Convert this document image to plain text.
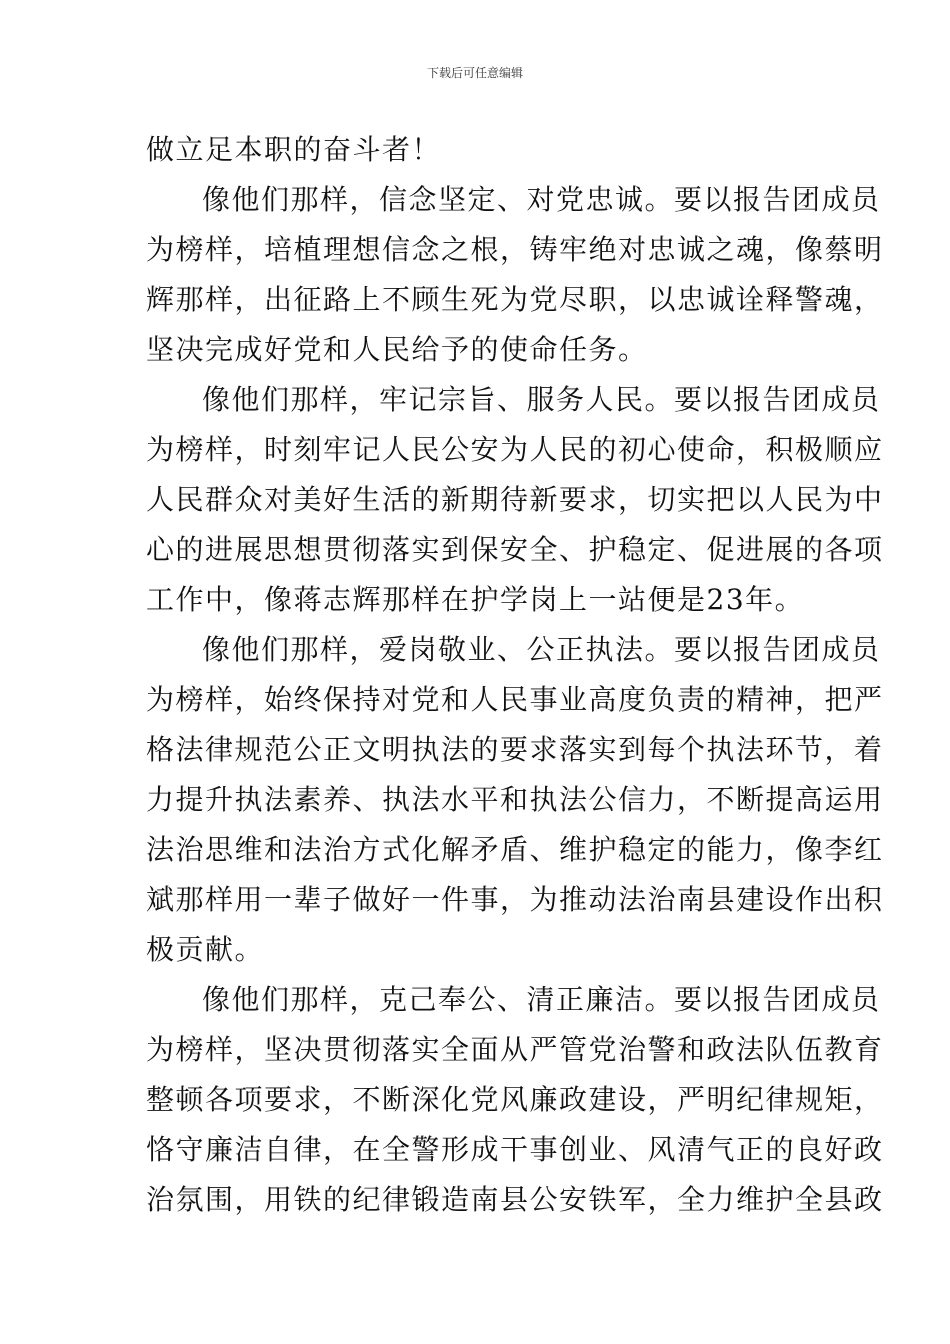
下载后可任意编辑
做立足本职的奋斗者！
像他们那样，信念坚定、对党忠诚。要以报告团成员
为榜样，培植理想信念之根，铸牢绝对忠诚之魂，像蔡明
辉那样，出征路上不顾生死为党尽职，以忠诚诠释警魂，
坚决完成好党和人民给予的使命任务。
像他们那样，牢记宗旨、服务人民。要以报告团成员
为榜样，时刻牢记人民公安为人民的初心使命，积极顺应
人民群众对美好生活的新期待新要求，切实把以人民为中
心的进展思想贯彻落实到保安全、护稳定、促进展的各项
工作中，像蒋志辉那样在护学岗上一站便是23年。
像他们那样，爱岗敬业、公正执法。要以报告团成员
为榜样，始终保持对党和人民事业高度负责的精神，把严
格法律规范公正文明执法的要求落实到每个执法环节，着
力提升执法素养、执法水平和执法公信力，不断提高运用
法治思维和法治方式化解矛盾、维护稳定的能力，像李红
斌那样用一辈子做好一件事，为推动法治南县建设作出积
极贡献。
像他们那样，克己奉公、清正廉洁。要以报告团成员
为榜样，坚决贯彻落实全面从严管党治警和政法队伍教育
整顿各项要求，不断深化党风廉政建设，严明纪律规矩，
恪守廉洁自律，在全警形成干事创业、风清气正的良好政
治氛围，用铁的纪律锻造南县公安铁军，全力维护全县政
